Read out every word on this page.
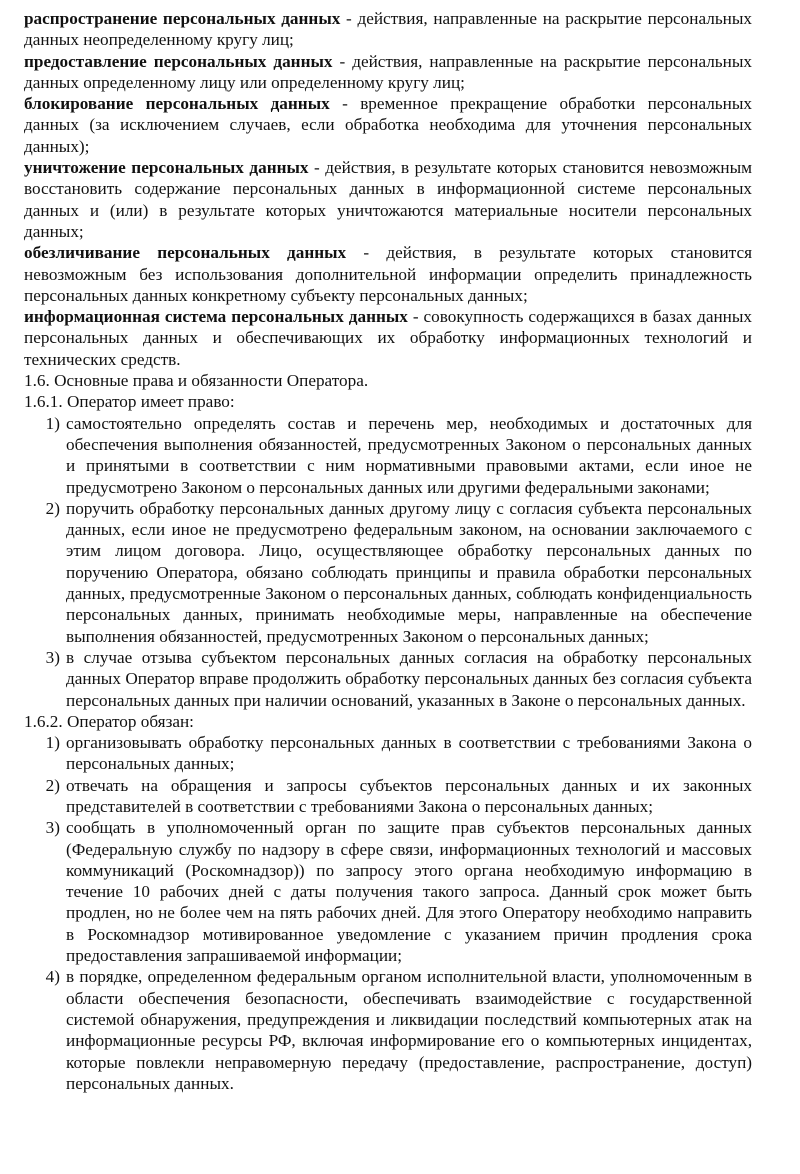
распространение персональных данных - действия, направленные на раскрытие персональных данных неопределенному кругу лиц;

предоставление персональных данных - действия, направленные на раскрытие персональных данных определенному лицу или определенному кругу лиц;

блокирование персональных данных - временное прекращение обработки персональных данных (за исключением случаев, если обработка необходима для уточнения персональных данных);

уничтожение персональных данных - действия, в результате которых становится невозможным восстановить содержание персональных данных в информационной системе персональных данных и (или) в результате которых уничтожаются материальные носители персональных данных;

обезличивание персональных данных - действия, в результате которых становится невозможным без использования дополнительной информации определить принадлежность персональных данных конкретному субъекту персональных данных;

информационная система персональных данных - совокупность содержащихся в базах данных персональных данных и обеспечивающих их обработку информационных технологий и технических средств.

1.6. Основные права и обязанности Оператора.

1.6.1. Оператор имеет право:

1) самостоятельно определять состав и перечень мер, необходимых и достаточных для обеспечения выполнения обязанностей, предусмотренных Законом о персональных данных и принятыми в соответствии с ним нормативными правовыми актами, если иное не предусмотрено Законом о персональных данных или другими федеральными законами;
2) поручить обработку персональных данных другому лицу с согласия субъекта персональных данных, если иное не предусмотрено федеральным законом, на основании заключаемого с этим лицом договора. Лицо, осуществляющее обработку персональных данных по поручению Оператора, обязано соблюдать принципы и правила обработки персональных данных, предусмотренные Законом о персональных данных, соблюдать конфиденциальность персональных данных, принимать необходимые меры, направленные на обеспечение выполнения обязанностей, предусмотренных Законом о персональных данных;
3) в случае отзыва субъектом персональных данных согласия на обработку персональных данных Оператор вправе продолжить обработку персональных данных без согласия субъекта персональных данных при наличии оснований, указанных в Законе о персональных данных.

1.6.2. Оператор обязан:

1) организовывать обработку персональных данных в соответствии с требованиями Закона о персональных данных;
2) отвечать на обращения и запросы субъектов персональных данных и их законных представителей в соответствии с требованиями Закона о персональных данных;
3) сообщать в уполномоченный орган по защите прав субъектов персональных данных (Федеральную службу по надзору в сфере связи, информационных технологий и массовых коммуникаций (Роскомнадзор)) по запросу этого органа необходимую информацию в течение 10 рабочих дней с даты получения такого запроса. Данный срок может быть продлен, но не более чем на пять рабочих дней. Для этого Оператору необходимо направить в Роскомнадзор мотивированное уведомление с указанием причин продления срока предоставления запрашиваемой информации;
4) в порядке, определенном федеральным органом исполнительной власти, уполномоченным в области обеспечения безопасности, обеспечивать взаимодействие с государственной системой обнаружения, предупреждения и ликвидации последствий компьютерных атак на информационные ресурсы РФ, включая информирование его о компьютерных инцидентах, которые повлекли неправомерную передачу (предоставление, распространение, доступ) персональных данных.
